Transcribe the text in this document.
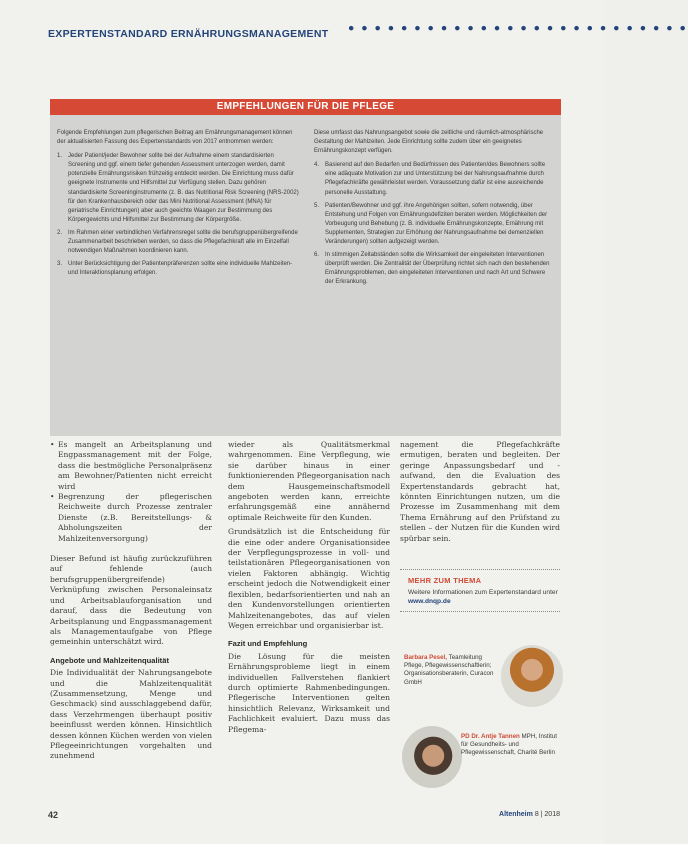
EXPERTENSTANDARD ERNÄHRUNGSMANAGEMENT ● ● ● ● ● ● ● ● ● ● ● ● ● ● ● ● ● ● ● ● ● ● ● ● ● ●
EMPFEHLUNGEN FÜR DIE PFLEGE

Folgende Empfehlungen zum pflegerischen Beitrag am Ernährungsmanagement können der aktualisierten Fassung des Expertenstandards von 2017 entnommen werden:

1. Jeder Patient/jeder Bewohner sollte bei der Aufnahme einem standardisierten Screening und ggf. einem tiefer gehenden Assessment unterzogen werden, damit potenzielle Ernährungsrisiken frühzeitig entdeckt werden. Die Einrichtung muss dafür geeignete Instrumente und Hilfsmittel zur Verfügung stellen. Dazu gehören standardisierte Screeninginstrumente (z. B. das Nutritional Risk Screening (NRS-2002) für den Krankenhausbereich oder das Mini Nutritional Assessment (MNA) für geriatrische Einrichtungen) aber auch geeichte Waagen zur Bestimmung des Körpergewichts und Hilfsmittel zur Bestimmung der Körpergröße.
2. Im Rahmen einer verbindlichen Verfahrensregel sollte die berufsgruppenübergreifende Zusammenarbeit beschrieben werden, so dass die Pflegefachkraft alle im Einzelfall notwendigen Maßnahmen koordinieren kann.
3. Unter Berücksichtigung der Patientenpräferenzen sollte eine individuelle Mahlzeiten- und Interaktionsplanung erfolgen.

Diese umfasst das Nahrungsangebot sowie die zeitliche und räumlich-atmosphärische Gestaltung der Mahlzeiten. Jede Einrichtung sollte zudem über ein geeignetes Ernährungskonzept verfügen.

4. Basierend auf den Bedarfen und Bedürfnissen des Patienten/des Bewohners sollte eine adäquate Motivation zur und Unterstützung bei der Nahrungsaufnahme durch Pflegefachkräfte gewährleistet werden. Voraussetzung dafür ist eine ausreichende personelle Ausstattung.
5. Patienten/Bewohner und ggf. ihre Angehörigen sollten, sofern notwendig, über Entstehung und Folgen von Ernährungsdefiziten beraten werden. Möglichkeiten der Vorbeugung und Behebung (z. B. individuelle Ernährungskonzepte, Ernährung mit Supplementen, Strategien zur Erhöhung der Nahrungsaufnahme bei demenziellen Veränderungen) sollten aufgezeigt werden.
6. In stimmigen Zeitabständen sollte die Wirksamkeit der eingeleiteten Interventionen überprüft werden. Die Zentralität der Überprüfung richtet sich nach den bestehenden Ernährungsproblemen, den eingeleiteten Interventionen und nach Art und Schwere der Erkrankung.
• Es mangelt an Arbeitsplanung und Engpassmanagement mit der Folge, dass die bestmögliche Personalpräsenz am Bewohner/Patienten nicht erreicht wird
• Begrenzung der pflegerischen Reichweite durch Prozesse zentraler Dienste (z.B. Bereitstellungs- & Abholungszeiten der Mahlzeitenversorgung)

Dieser Befund ist häufig zurückzuführen auf fehlende (auch berufsgruppenübergreifende) Verknüpfung zwischen Personaleinsatz und Arbeitsablauforganisation und darauf, dass die Bedeutung von Arbeitsplanung und Engpassmanagement als Managementaufgabe von Pflege gemeinhin unterschätzt wird.

Angebote und Mahlzeitenqualität

Die Individualität der Nahrungsangebote und die Mahlzeitenqualität (Zusammensetzung, Menge und Geschmack) sind ausschlaggebend dafür, dass Verzehrmengen überhaupt positiv beeinflusst werden können. Hinsichtlich dessen können Küchen werden von vielen Pflegeeinrichtungen vorgehalten und zunehmend

wieder als Qualitätsmerkmal wahrgenommen. Eine Verpflegung, wie sie darüber hinaus in einer funktionierenden Pflegeorganisation nach dem Hausgemeinschaftsmodell angeboten werden kann, erreichte erfahrungsgemäß eine annähernd optimale Reichweite für den Kunden.

Grundsätzlich ist die Entscheidung für die eine oder andere Organisationsidee der Verpflegungsprozesse in voll- und teilstationären Pflegeorganisationen von vielen Faktoren abhängig. Wichtig erscheint jedoch die Notwendigkeit einer flexiblen, bedarfsorientierten und nah an den Kundenvorstellungen orientierten Mahlzeitenangebotes, das auf vielen Wegen erreichbar und organisierbar ist.

Fazit und Empfehlung

Die Lösung für die meisten Ernährungsprobleme liegt in einem individuellen Fallverstehen flankiert durch optimierte Rahmenbedingungen. Pflegerische Interventionen gelten hinsichtlich Relevanz, Wirksamkeit und Fachlichkeit evaluiert. Dazu muss das Pflegema-

nagement die Pflegefachkräfte ermutigen, beraten und begleiten. Der geringe Anpassungsbedarf und -aufwand, den die Evaluation des Expertenstandards gebracht hat, könnten Einrichtungen nutzen, um die Prozesse im Zusammenhang mit dem Thema Ernährung auf den Prüfstand zu stellen – der Nutzen für die Kunden wird spürbar sein.

MEHR ZUM THEMA
Weitere Informationen zum Expertenstandard unter www.dnqp.de
Barbara Pesel, Teamleitung Pflege, Pflegewissenschaftlerin; Organisationsberaterin, Curacon GmbH
PD Dr. Antje Tannen MPH, Institut für Gesundheits- und Pflegewissenschaft, Charité Berlin
42	Altenheim 8 | 2018
